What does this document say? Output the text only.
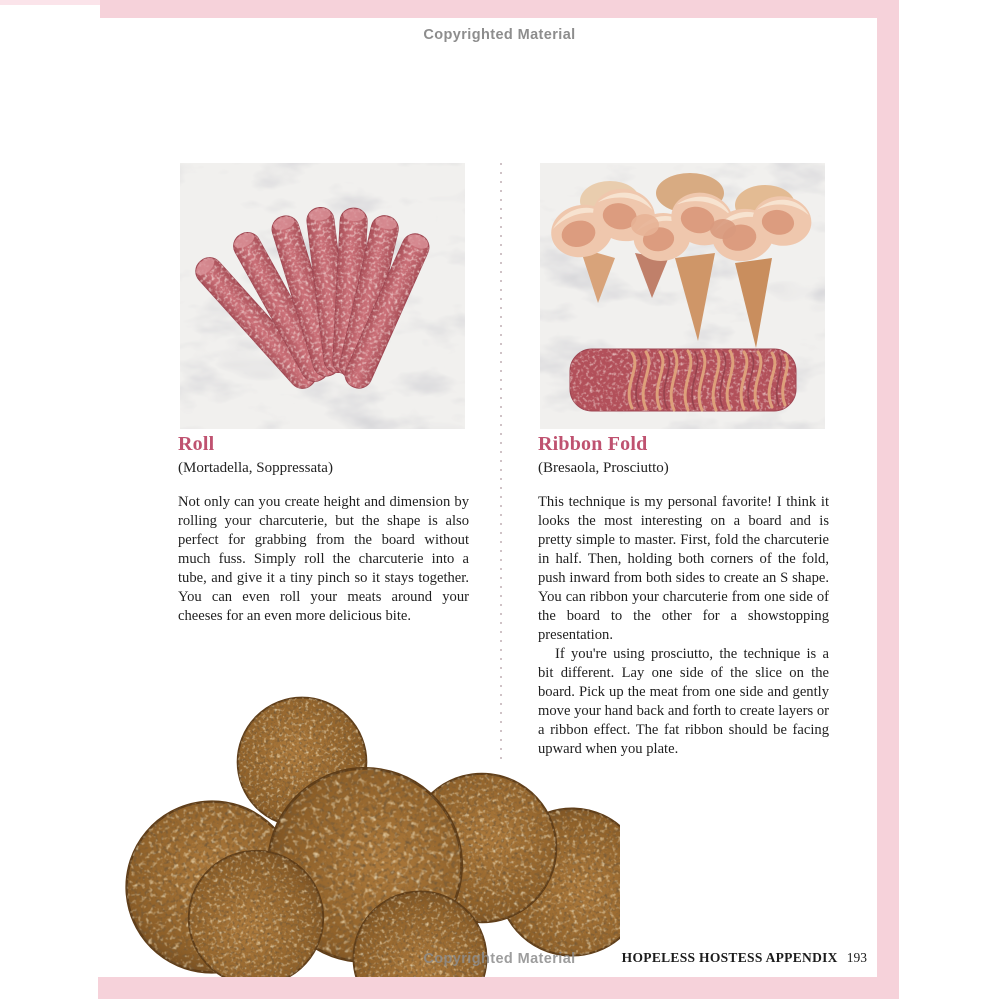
Copyrighted Material
Roll
(Mortadella, Soppressata)

Not only can you create height and dimension by rolling your charcuterie, but the shape is also perfect for grabbing from the board without much fuss. Simply roll the charcuterie into a tube, and give it a tiny pinch so it stays together. You can even roll your meats around your cheeses for an even more delicious bite.

Ribbon Fold
(Bresaola, Prosciutto)

This technique is my personal favorite! I think it looks the most interesting on a board and is pretty simple to master. First, fold the charcuterie in half. Then, holding both corners of the fold, push inward from both sides to create an S shape. You can ribbon your charcuterie from one side of the board to the other for a showstopping presentation.

If you're using prosciutto, the technique is a bit different. Lay one side of the slice on the board. Pick up the meat from one side and gently move your hand back and forth to create layers or a ribbon effect. The fat ribbon should be facing upward when you plate.

Copyrighted Material	HOPELESS HOSTESS APPENDIX 193
